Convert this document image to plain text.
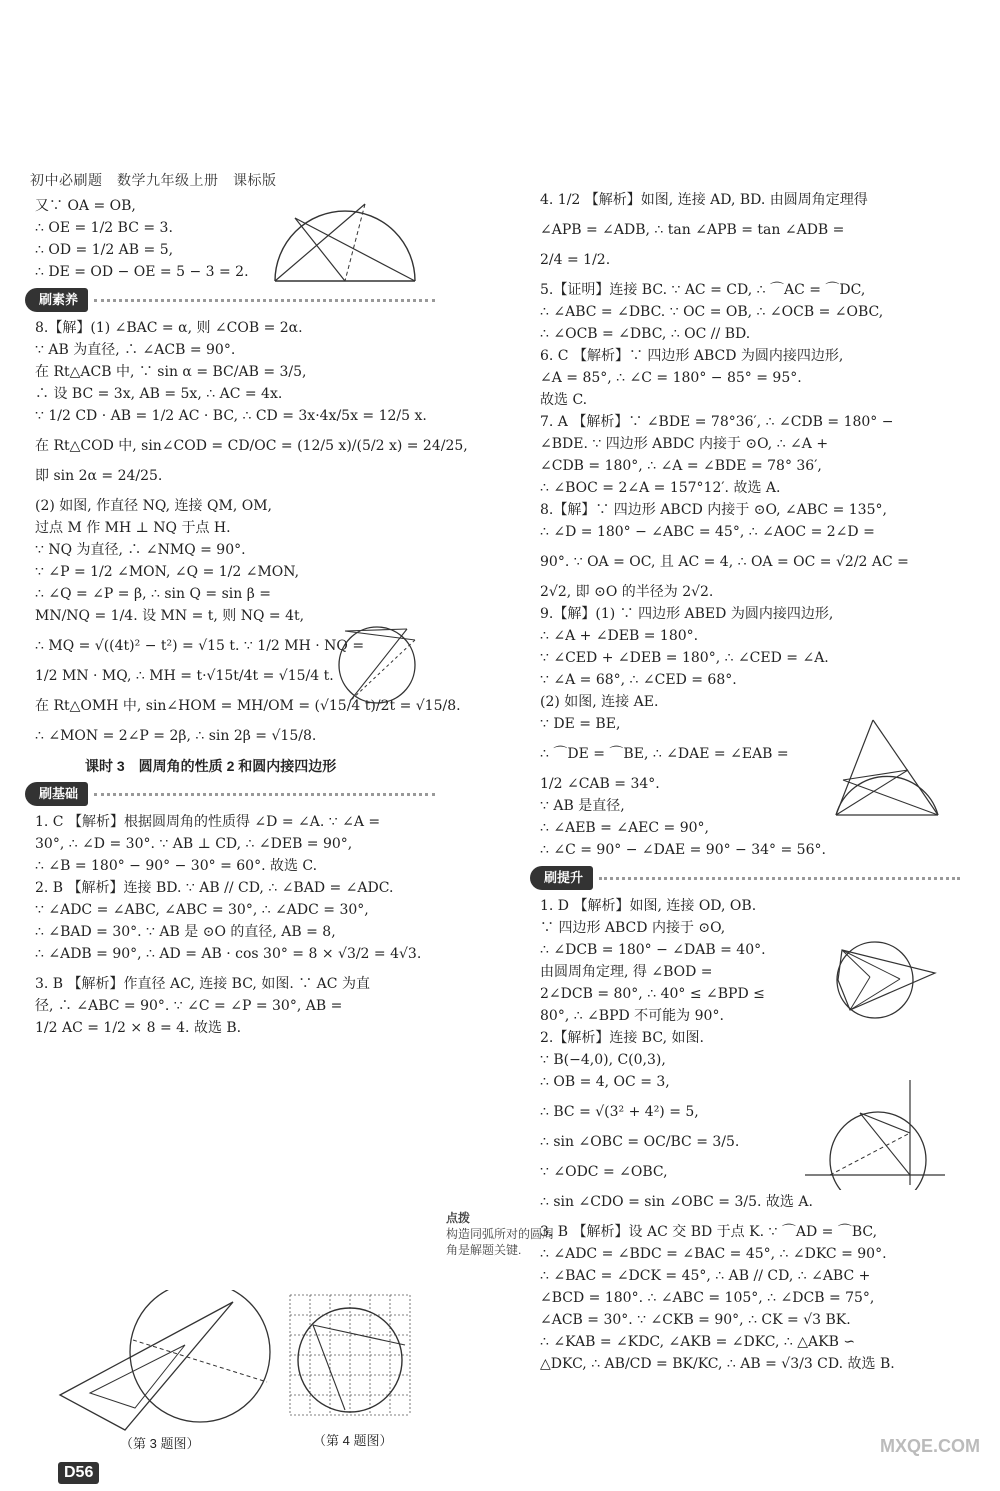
初中必刷题　数学九年级上册　课标版
又∵ OA = OB,
∴ OE = 1/2 BC = 3.
∴ OD = 1/2 AB = 5,
∴ DE = OD − OE = 5 − 3 = 2.
刷素养
8.【解】(1) ∠BAC = α, 则 ∠COB = 2α.
∵ AB 为直径, ∴ ∠ACB = 90°.
在 Rt△ACB 中, ∵ sin α = BC/AB = 3/5,
∴ 设 BC = 3x, AB = 5x, ∴ AC = 4x.
∵ 1/2 CD · AB = 1/2 AC · BC, ∴ CD = 3x·4x/5x = 12/5 x.
在 Rt△COD 中, sin∠COD = CD/OC = (12/5 x)/(5/2 x) = 24/25,
即 sin 2α = 24/25.
(2) 如图, 作直径 NQ, 连接 QM, OM,
过点 M 作 MH ⊥ NQ 于点 H.
∵ NQ 为直径, ∴ ∠NMQ = 90°.
∵ ∠P = 1/2 ∠MON, ∠Q = 1/2 ∠MON,
∴ ∠Q = ∠P = β, ∴ sin Q = sin β =
MN/NQ = 1/4. 设 MN = t, 则 NQ = 4t,
∴ MQ = √((4t)² − t²) = √15 t. ∵ 1/2 MH · NQ =
1/2 MN · MQ, ∴ MH = t·√15t/4t = √15/4 t.
在 Rt△OMH 中, sin∠HOM = MH/OM = (√15/4 t)/2t = √15/8.
∴ ∠MON = 2∠P = 2β, ∴ sin 2β = √15/8.
课时 3　圆周角的性质 2 和圆内接四边形
刷基础
1. C 【解析】根据圆周角的性质得 ∠D = ∠A. ∵ ∠A =
30°, ∴ ∠D = 30°. ∵ AB ⊥ CD, ∴ ∠DEB = 90°,
∴ ∠B = 180° − 90° − 30° = 60°. 故选 C.
2. B 【解析】连接 BD. ∵ AB // CD, ∴ ∠BAD = ∠ADC.
∵ ∠ADC = ∠ABC, ∠ABC = 30°, ∴ ∠ADC = 30°,
∴ ∠BAD = 30°. ∵ AB 是 ⊙O 的直径, AB = 8,
∴ ∠ADB = 90°, ∴ AD = AB · cos 30° = 8 × √3/2 = 4√3.
3. B 【解析】作直径 AC, 连接 BC, 如图. ∵ AC 为直
径, ∴ ∠ABC = 90°. ∵ ∠C = ∠P = 30°, AB =
1/2 AC = 1/2 × 8 = 4. 故选 B.
（第 3 题图）	（第 4 题图）
点拨
构造同弧所对的圆周角是解题关键.
4. 1/2 【解析】如图, 连接 AD, BD. 由圆周角定理得
∠APB = ∠ADB, ∴ tan ∠APB = tan ∠ADB =
2/4 = 1/2.
5.【证明】连接 BC. ∵ AC = CD, ∴ ⌒AC = ⌒DC,
∴ ∠ABC = ∠DBC. ∵ OC = OB, ∴ ∠OCB = ∠OBC,
∴ ∠OCB = ∠DBC, ∴ OC // BD.
6. C 【解析】∵ 四边形 ABCD 为圆内接四边形,
∠A = 85°, ∴ ∠C = 180° − 85° = 95°.
故选 C.
7. A 【解析】∵ ∠BDE = 78°36′, ∴ ∠CDB = 180° −
∠BDE. ∵ 四边形 ABDC 内接于 ⊙O, ∴ ∠A +
∠CDB = 180°, ∴ ∠A = ∠BDE = 78° 36′,
∴ ∠BOC = 2∠A = 157°12′. 故选 A.
8.【解】∵ 四边形 ABCD 内接于 ⊙O, ∠ABC = 135°,
∴ ∠D = 180° − ∠ABC = 45°, ∴ ∠AOC = 2∠D =
90°. ∵ OA = OC, 且 AC = 4, ∴ OA = OC = √2/2 AC =
2√2, 即 ⊙O 的半径为 2√2.
9.【解】(1) ∵ 四边形 ABED 为圆内接四边形,
∴ ∠A + ∠DEB = 180°.
∵ ∠CED + ∠DEB = 180°, ∴ ∠CED = ∠A.
∵ ∠A = 68°, ∴ ∠CED = 68°.
(2) 如图, 连接 AE.
∵ DE = BE,
∴ ⌒DE = ⌒BE, ∴ ∠DAE = ∠EAB =
1/2 ∠CAB = 34°.
∵ AB 是直径,
∴ ∠AEB = ∠AEC = 90°,
∴ ∠C = 90° − ∠DAE = 90° − 34° = 56°.
刷提升
1. D 【解析】如图, 连接 OD, OB.
∵ 四边形 ABCD 内接于 ⊙O,
∴ ∠DCB = 180° − ∠DAB = 40°.
由圆周角定理, 得 ∠BOD =
2∠DCB = 80°, ∴ 40° ≤ ∠BPD ≤
80°, ∴ ∠BPD 不可能为 90°.
2.【解析】连接 BC, 如图.
∵ B(−4,0), C(0,3),
∴ OB = 4, OC = 3,
∴ BC = √(3² + 4²) = 5,
∴ sin ∠OBC = OC/BC = 3/5.
∵ ∠ODC = ∠OBC,
∴ sin ∠CDO = sin ∠OBC = 3/5. 故选 A.
3. B 【解析】设 AC 交 BD 于点 K. ∵ ⌒AD = ⌒BC,
∴ ∠ADC = ∠BDC = ∠BAC = 45°, ∴ ∠DKC = 90°.
∴ ∠BAC = ∠DCK = 45°, ∴ AB // CD, ∴ ∠ABC +
∠BCD = 180°. ∴ ∠ABC = 105°, ∴ ∠DCB = 75°,
∠ACB = 30°. ∵ ∠CKB = 90°, ∴ CK = √3 BK.
∴ ∠KAB = ∠KDC, ∠AKB = ∠DKC, ∴ △AKB ∽
△DKC, ∴ AB/CD = BK/KC, ∴ AB = √3/3 CD. 故选 B.
D56
MXQE.COM
